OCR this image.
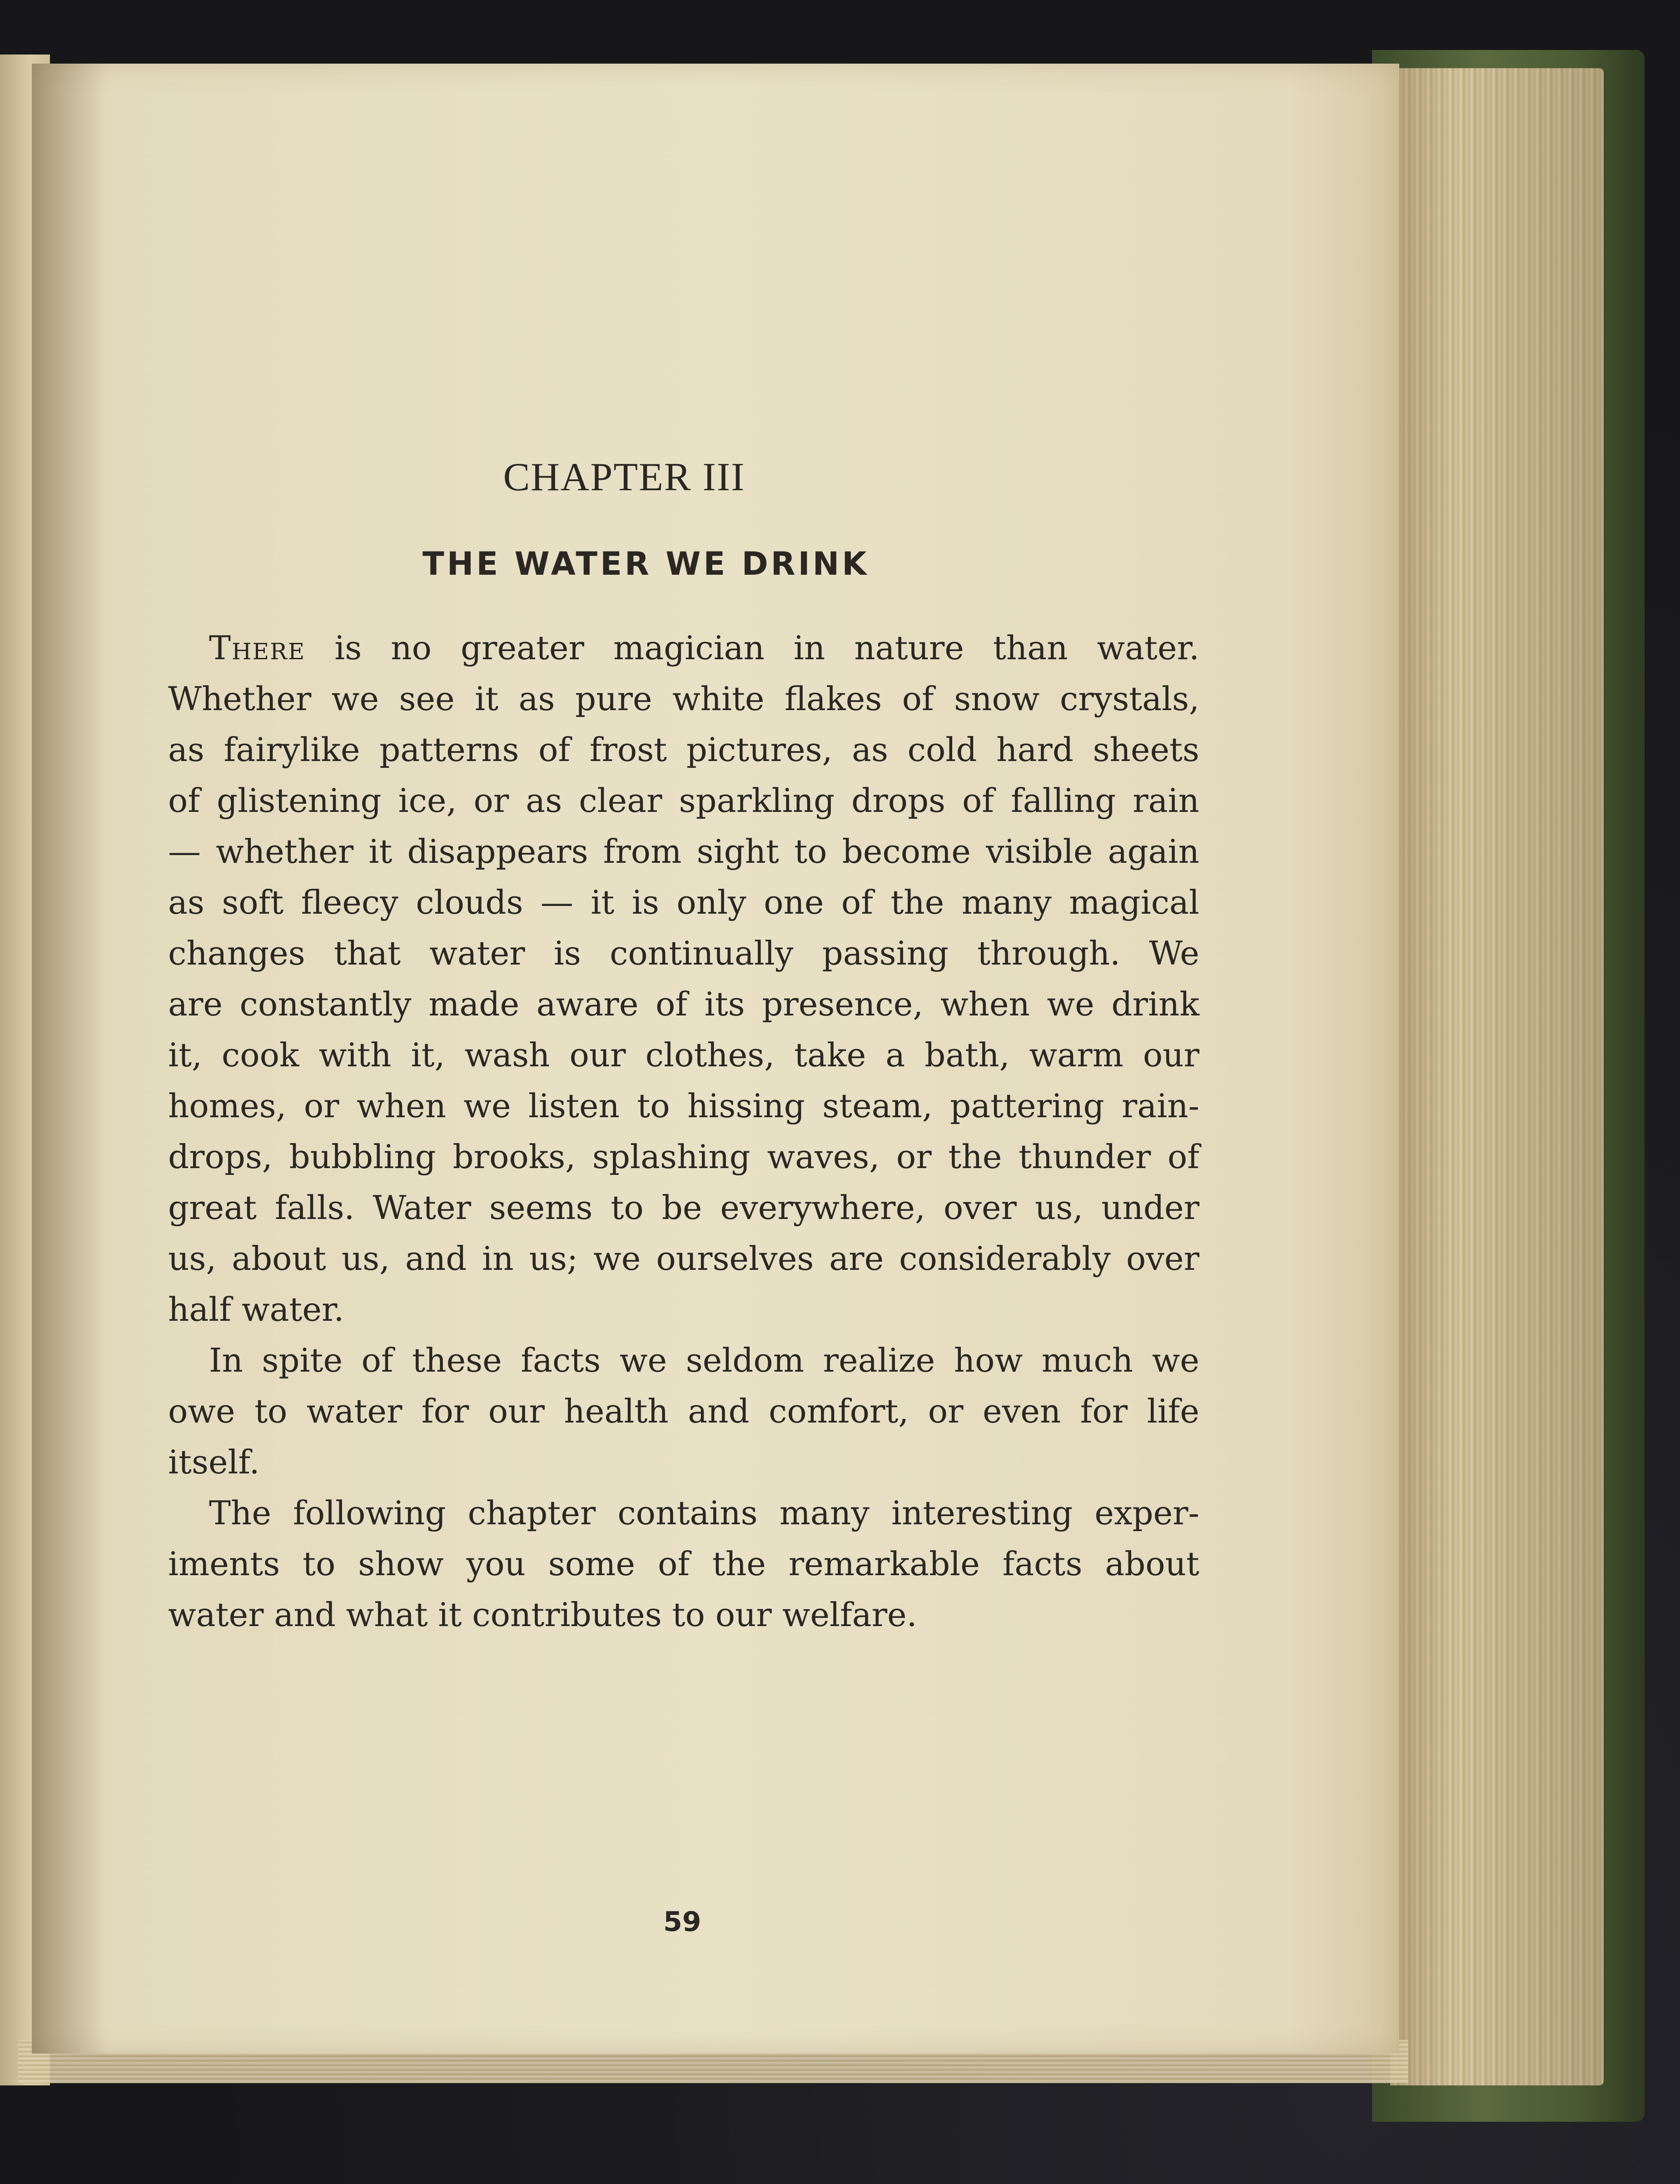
CHAPTER III
THE WATER WE DRINK
There is no greater magician in nature than water.
Whether we see it as pure white flakes of snow crystals,
as fairylike patterns of frost pictures, as cold hard sheets
of glistening ice, or as clear sparkling drops of falling rain
— whether it disappears from sight to become visible again
as soft fleecy clouds — it is only one of the many magical
changes that water is continually passing through. We
are constantly made aware of its presence, when we drink
it, cook with it, wash our clothes, take a bath, warm our
homes, or when we listen to hissing steam, pattering rain-
drops, bubbling brooks, splashing waves, or the thunder of
great falls. Water seems to be everywhere, over us, under
us, about us, and in us; we ourselves are considerably over
half water.
In spite of these facts we seldom realize how much we
owe to water for our health and comfort, or even for life
itself.
The following chapter contains many interesting exper-
iments to show you some of the remarkable facts about
water and what it contributes to our welfare.
59
